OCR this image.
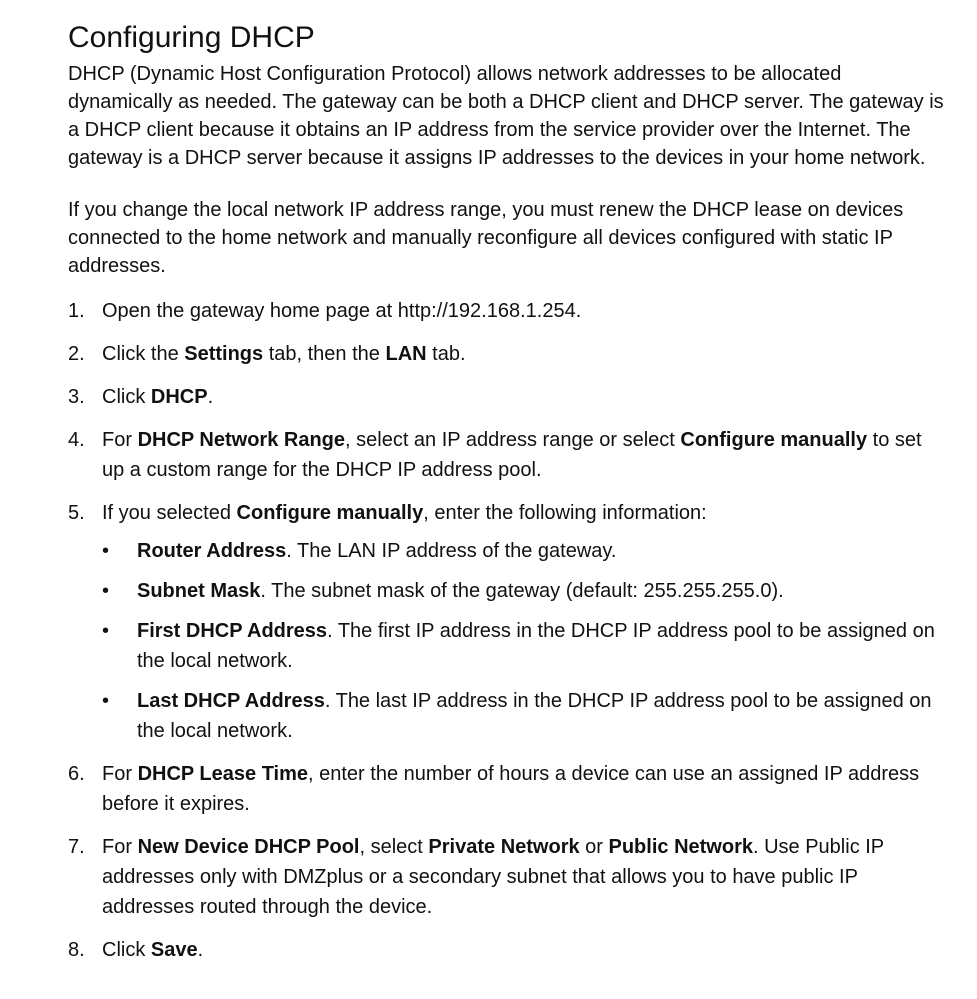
Configuring DHCP

DHCP (Dynamic Host Configuration Protocol) allows network addresses to be allocated dynamically as needed. The gateway can be both a DHCP client and DHCP server. The gateway is a DHCP client because it obtains an IP address from the service provider over the Internet. The gateway is a DHCP server because it assigns IP addresses to the devices in your home network.

If you change the local network IP address range, you must renew the DHCP lease on devices connected to the home network and manually reconfigure all devices configured with static IP addresses.

1. Open the gateway home page at http://192.168.1.254.
2. Click the Settings tab, then the LAN tab.
3. Click DHCP.
4. For DHCP Network Range, select an IP address range or select Configure manually to set up a custom range for the DHCP IP address pool.
5. If you selected Configure manually, enter the following information:
• Router Address. The LAN IP address of the gateway.
• Subnet Mask. The subnet mask of the gateway (default: 255.255.255.0).
• First DHCP Address. The first IP address in the DHCP IP address pool to be assigned on the local network.
• Last DHCP Address. The last IP address in the DHCP IP address pool to be assigned on the local network.
6. For DHCP Lease Time, enter the number of hours a device can use an assigned IP address before it expires.
7. For New Device DHCP Pool, select Private Network or Public Network. Use Public IP addresses only with DMZplus or a secondary subnet that allows you to have public IP addresses routed through the device.
8. Click Save.
